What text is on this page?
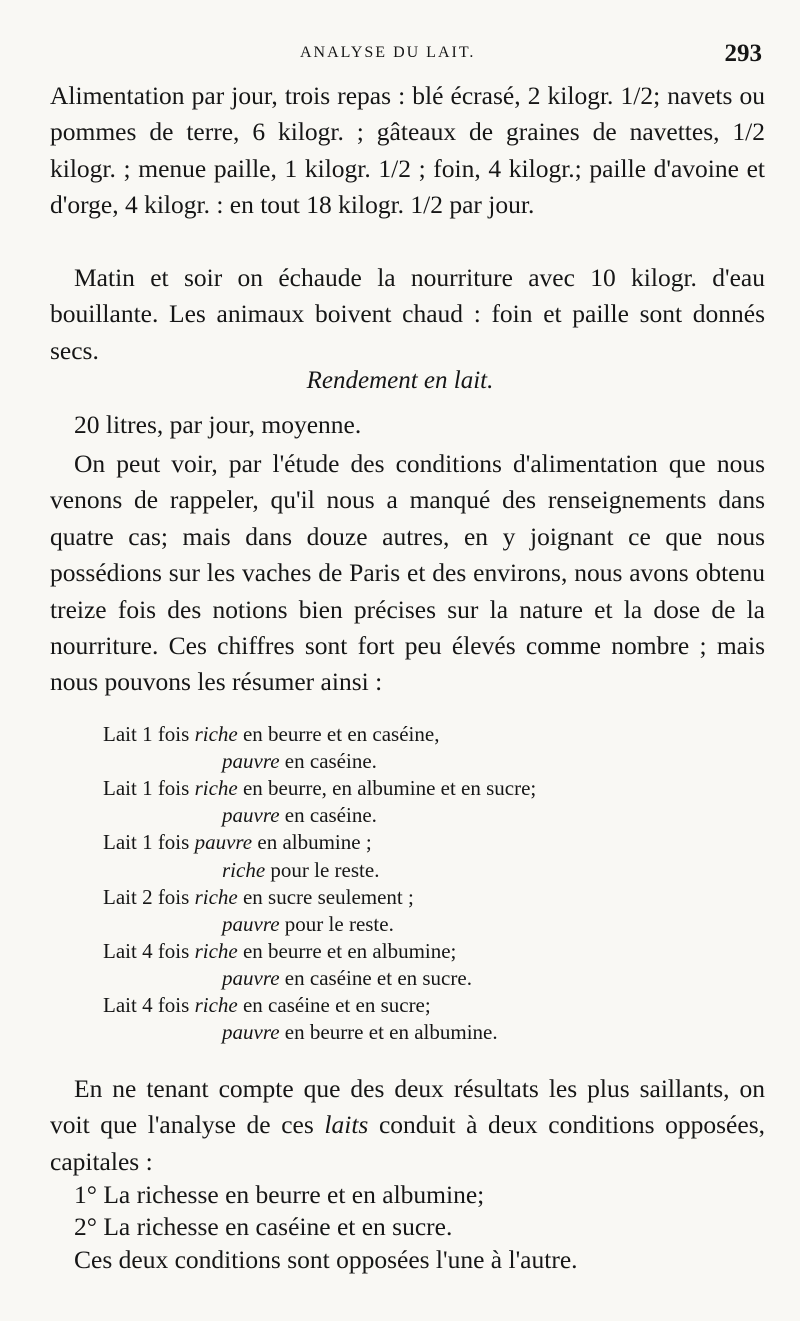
ANALYSE DU LAIT.	293

Alimentation par jour, trois repas : blé écrasé, 2 kilogr. 1/2; navets ou pommes de terre, 6 kilogr. ; gâteaux de graines de navettes, 1/2 kilogr. ; menue paille, 1 kilogr. 1/2 ; foin, 4 kilogr.; paille d'avoine et d'orge, 4 kilogr. : en tout 18 kilogr. 1/2 par jour.

Matin et soir on échaude la nourriture avec 10 kilogr. d'eau bouillante. Les animaux boivent chaud : foin et paille sont donnés secs.

Rendement en lait.

20 litres, par jour, moyenne.

On peut voir, par l'étude des conditions d'alimentation que nous venons de rappeler, qu'il nous a manqué des renseignements dans quatre cas; mais dans douze autres, en y joignant ce que nous possédions sur les vaches de Paris et des environs, nous avons obtenu treize fois des notions bien précises sur la nature et la dose de la nourriture. Ces chiffres sont fort peu élevés comme nombre ; mais nous pouvons les résumer ainsi :

Lait 1 fois riche en beurre et en caséine,
pauvre en caséine.
Lait 1 fois riche en beurre, en albumine et en sucre;
pauvre en caséine.
Lait 1 fois pauvre en albumine ;
riche pour le reste.
Lait 2 fois riche en sucre seulement ;
pauvre pour le reste.
Lait 4 fois riche en beurre et en albumine;
pauvre en caséine et en sucre.
Lait 4 fois riche en caséine et en sucre;
pauvre en beurre et en albumine.

En ne tenant compte que des deux résultats les plus saillants, on voit que l'analyse de ces laits conduit à deux conditions opposées, capitales :

1° La richesse en beurre et en albumine;
2° La richesse en caséine et en sucre.
Ces deux conditions sont opposées l'une à l'autre.
